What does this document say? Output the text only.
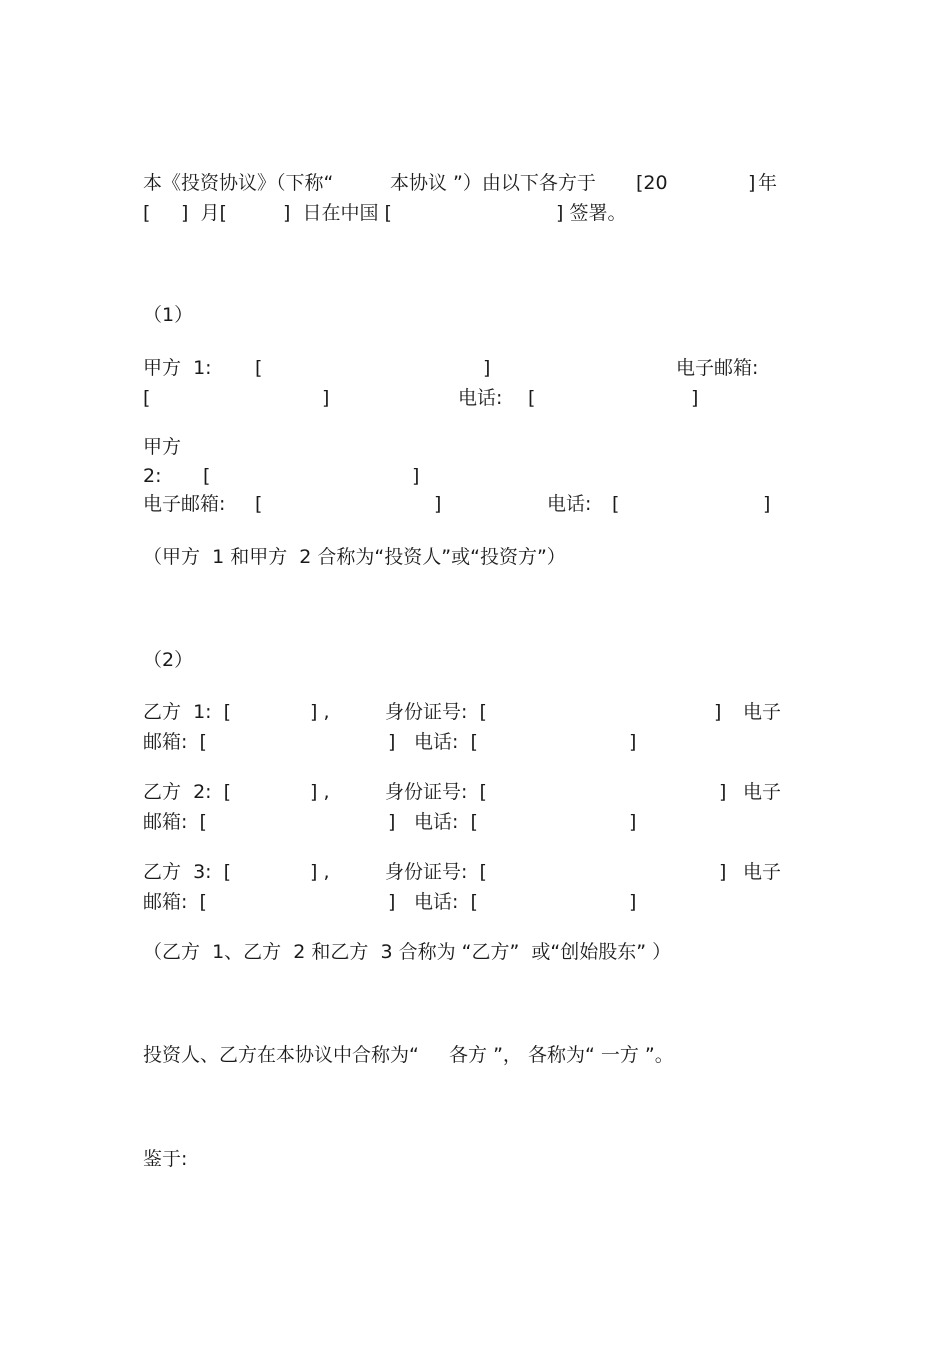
本《投资协议》（下称“	本协议 ”）由以下各方于 [20	] 年
[ ]  月[	]  日在中国 [	] 签署。
（1）
甲方  1: [	]	电子邮箱:
[	]	电话: [	]
甲方
2: [	]
电子邮箱: [	]	电话: [	]
（甲方  1 和甲方  2 合称为“投资人”或“投资方”）
（2）
乙方  1:  [	] ,	身份证号:  [	] 电子
邮箱:  [	] 电话:  [	]
乙方  2:  [	] ,	身份证号:  [	] 电子
邮箱:  [	] 电话:  [	]
乙方  3:  [	] ,	身份证号:  [	] 电子
邮箱:  [	] 电话:  [	]
（乙方  1、乙方  2 和乙方  3 合称为 “乙方”  或“创始股东” ）
投资人、乙方在本协议中合称为“     各方 ”， 各称为“ 一方 ”。
鉴于:
